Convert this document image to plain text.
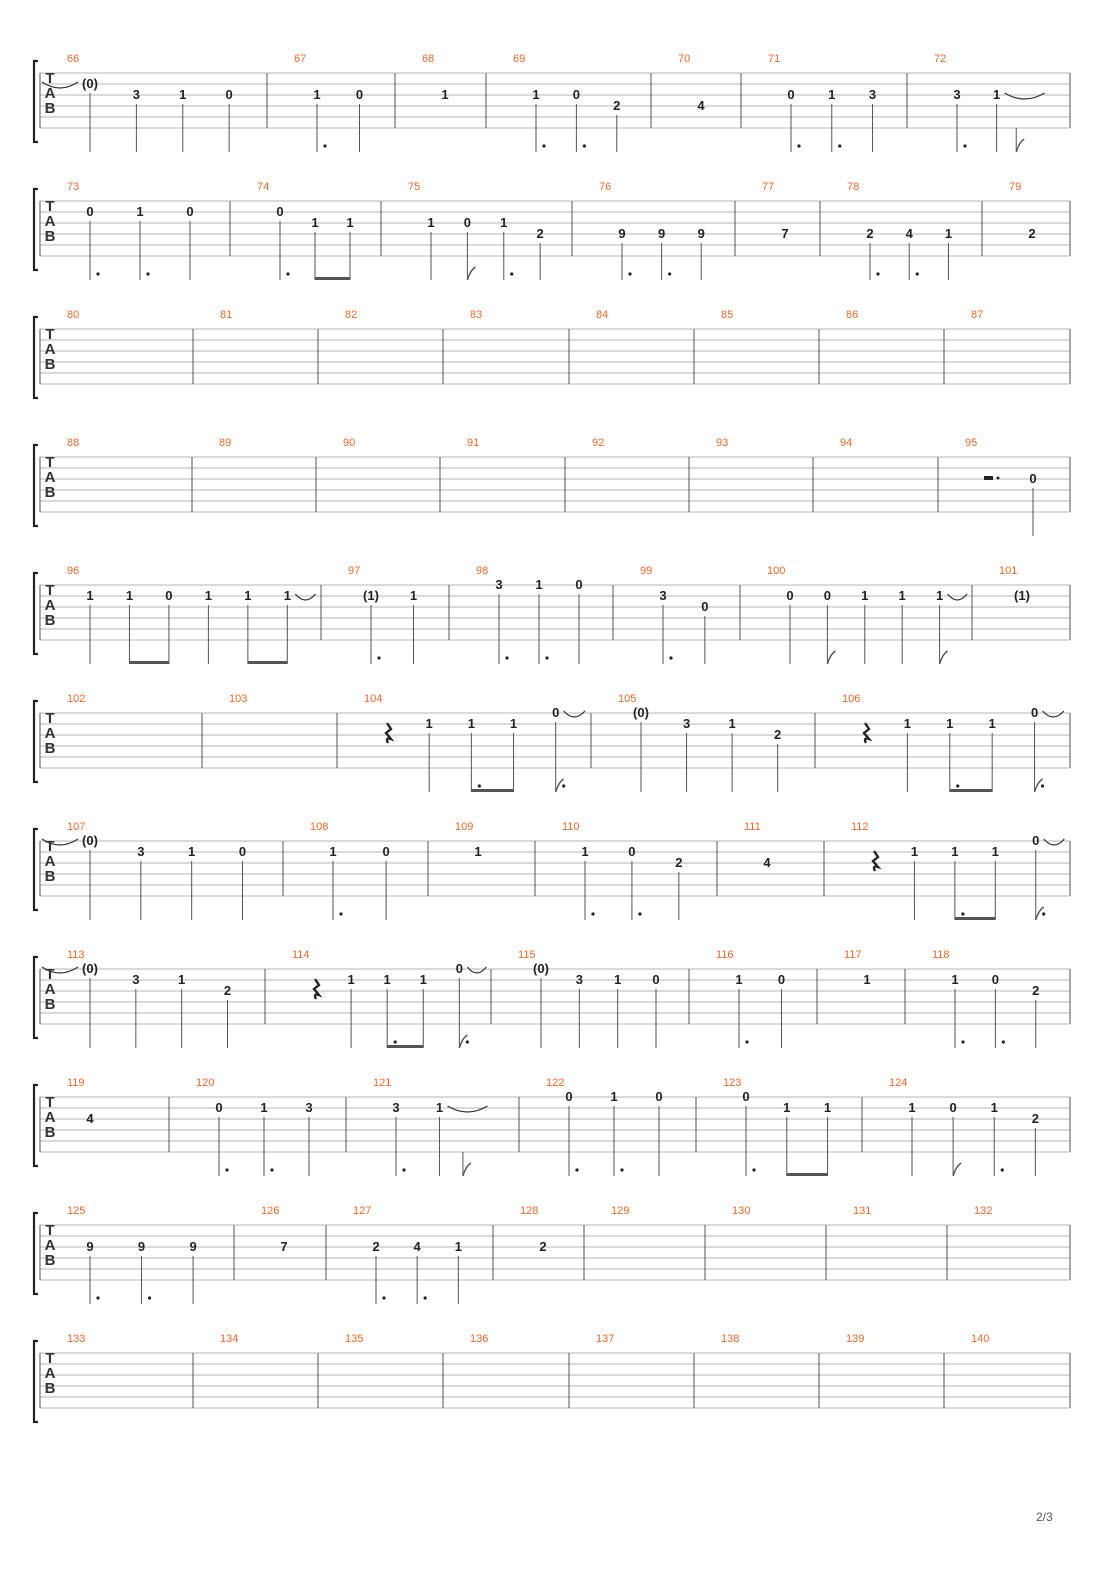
T
A
B
66
(0)
3	1	0
67
1	0
68
1
69
1	0
2
70
4
71
0	1	3
72
3 1
T
A
B
73
0	1	0
74
0
1 1
75
1 0 1
2
76
9 9 9
77
7
78
2 4 1
79
2
T
A
B
80	81	82	83	84	85	86	87
T
A
B
88	89	90	91	92	93	94	95
0
T
A
B
96
1 1 0 1 1 1
97
(1) 1
98
3	1	0
99
3
0
100
0 0 1 1 1
101
(1)
T
A
B
102	103	104
1	1	1
0
105
(0)
3	1
2
106
1	1	1
0
T
A
B
107
(0)
3	1	0
108
1	0
109
1
110
1	0
2
111
4
112
1	1	1
0
T
A
B
113
(0)
3	1
2
114
1 1 1
0
115
(0)
3 1 0
116
1	0
117
1
118
1	0
2
T
A
B
119
4
120
0	1	3
121
3	1
122
0	1	0
123
0
1	1
124
1	0	1
2
T
A
B
125
9	9	9
126
7
127
2	4	1
128
2
129	130	131	132
T
A
B
133	134	135	136	137	138	139	140
2/3
